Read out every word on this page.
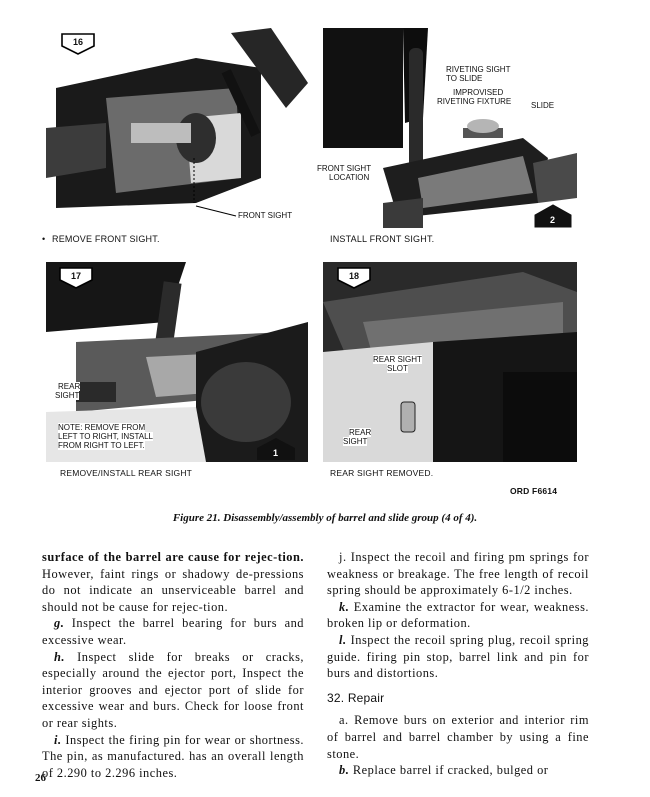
16
FRONT SIGHT
• REMOVE FRONT SIGHT.
RIVETING SIGHT
TO SLIDE
IMPROVISED
RIVETING FIXTURE SLIDE
FRONT SIGHT
LOCATION
2
INSTALL FRONT SIGHT.
17
REAR
SIGHT
NOTE: REMOVE FROM
LEFT TO RIGHT, INSTALL
FROM RIGHT TO LEFT.
1
REMOVE/INSTALL REAR SIGHT
18
REAR SIGHT
SLOT
REAR
SIGHT
REAR SIGHT REMOVED.
ORD F6614
Figure 21. Disassembly/assembly of barrel and slide group (4 of 4).

surface of the barrel are cause for rejec-tion. However, faint rings or shadowy de-pressions do not indicate an unserviceable barrel and should not be cause for rejec-tion.

g. Inspect the barrel bearing for burs and excessive wear.

h. Inspect slide for breaks or cracks, especially around the ejector port, Inspect the interior grooves and ejector port of slide for excessive wear and burs. Check for loose front or rear sights.

i. Inspect the firing pin for wear or shortness. The pin, as manufactured. has an overall length of 2.290 to 2.296 inches.

j. Inspect the recoil and firing pm springs for weakness or breakage. The free length of recoil spring should be approximately 6-1/2 inches.

k. Examine the extractor for wear, weakness. broken lip or deformation.

l. Inspect the recoil spring plug, recoil spring guide. firing pin stop, barrel link and pin for burs and distortions.

32. Repair

a. Remove burs on exterior and interior rim of barrel and barrel chamber by using a fine stone.

b. Replace barrel if cracked, bulged or

26
